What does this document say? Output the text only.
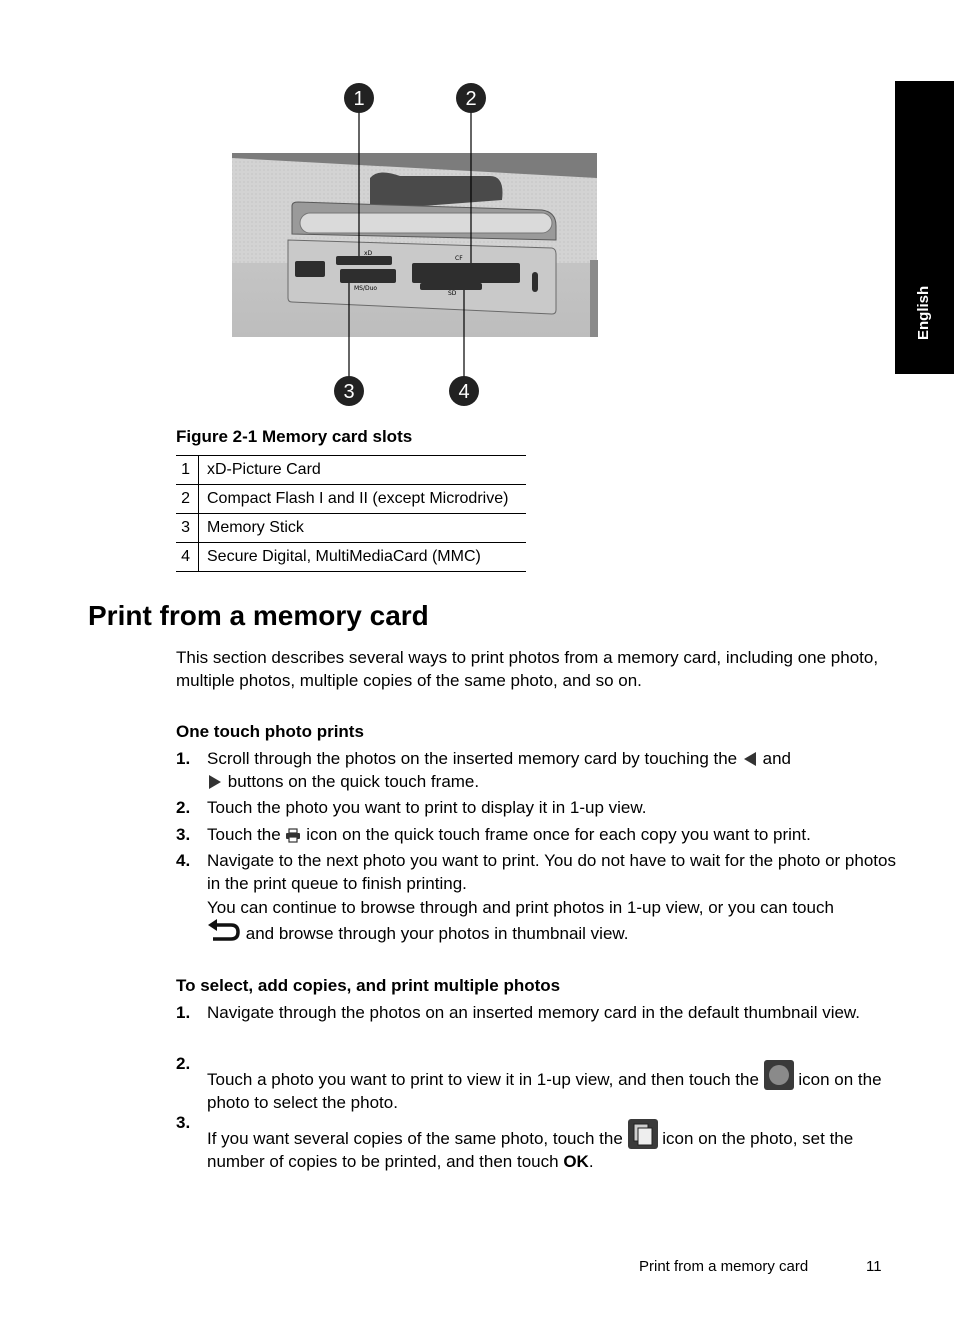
English
xD
CF
MS/Duo
SD
1	2
3	4
Figure 2-1 Memory card slots
1	xD-Picture Card
2	Compact Flash I and II (except Microdrive)
3	Memory Stick
4	Secure Digital, MultiMediaCard (MMC)
Print from a memory card

This section describes several ways to print photos from a memory card, including one photo, multiple photos, multiple copies of the same photo, and so on.

One touch photo prints

1. Scroll through the photos on the inserted memory card by touching the and
buttons on the quick touch frame.
2. Touch the photo you want to print to display it in 1-up view.
3. Touch the icon on the quick touch frame once for each copy you want to print.
4. Navigate to the next photo you want to print. You do not have to wait for the photo or photos in the print queue to finish printing.
You can continue to browse through and print photos in 1-up view, or you can touch
and browse through your photos in thumbnail view.

To select, add copies, and print multiple photos

1. Navigate through the photos on an inserted memory card in the default thumbnail view.
2.
Touch a photo you want to print to view it in 1-up view, and then touch the icon on the photo to select the photo.
3.
If you want several copies of the same photo, touch the icon on the photo, set the number of copies to be printed, and then touch OK.
Print from a memory card	11
